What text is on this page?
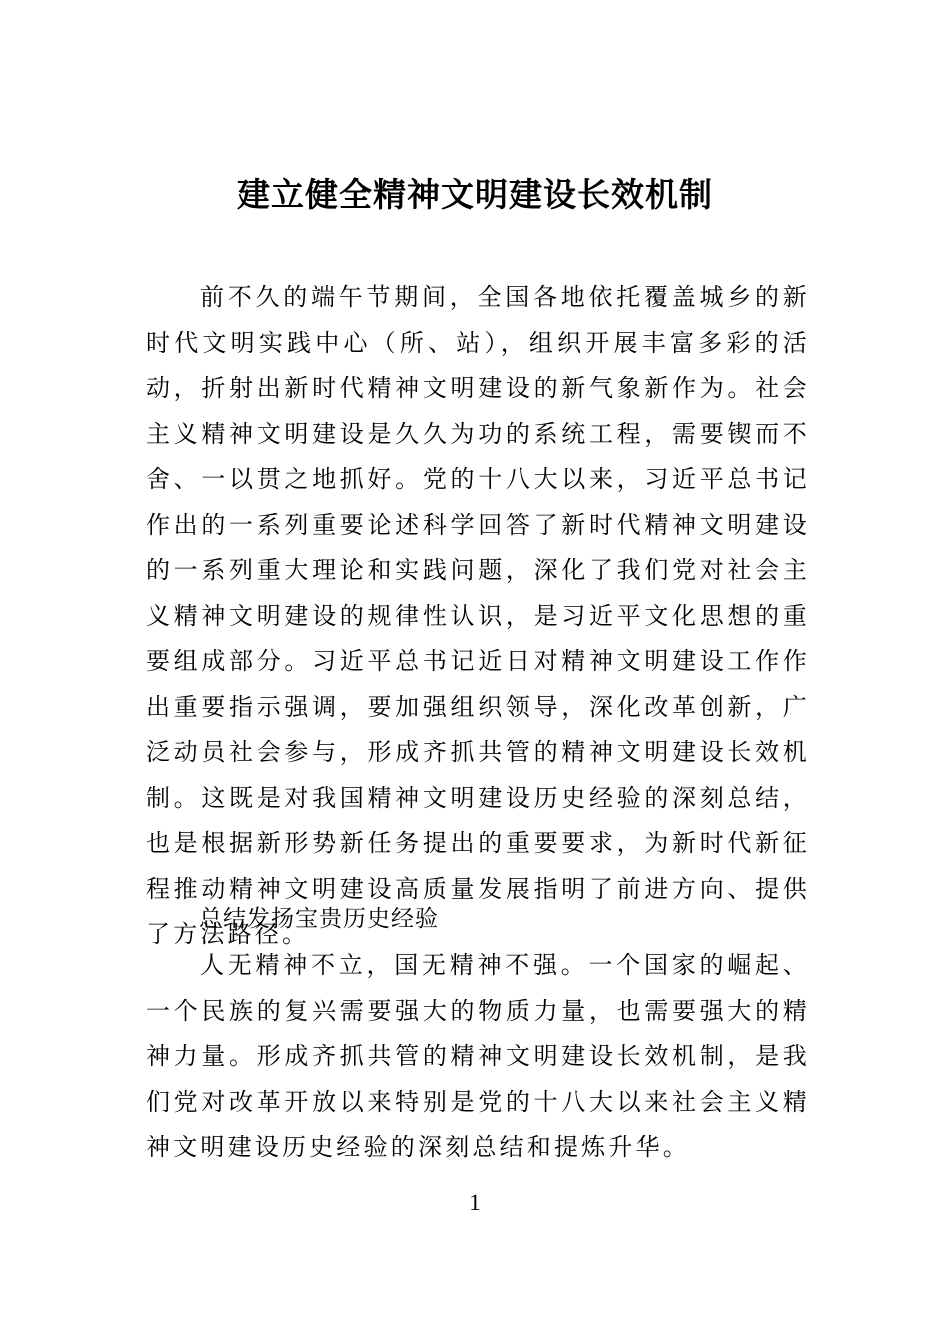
建立健全精神文明建设长效机制

前不久的端午节期间，全国各地依托覆盖城乡的新时代文明实践中心（所、站），组织开展丰富多彩的活动，折射出新时代精神文明建设的新气象新作为。社会主义精神文明建设是久久为功的系统工程，需要锲而不舍、一以贯之地抓好。党的十八大以来，习近平总书记作出的一系列重要论述科学回答了新时代精神文明建设的一系列重大理论和实践问题，深化了我们党对社会主义精神文明建设的规律性认识，是习近平文化思想的重要组成部分。习近平总书记近日对精神文明建设工作作出重要指示强调，要加强组织领导，深化改革创新，广泛动员社会参与，形成齐抓共管的精神文明建设长效机制。这既是对我国精神文明建设历史经验的深刻总结，也是根据新形势新任务提出的重要要求，为新时代新征程推动精神文明建设高质量发展指明了前进方向、提供了方法路径。

总结发扬宝贵历史经验

人无精神不立，国无精神不强。一个国家的崛起、一个民族的复兴需要强大的物质力量，也需要强大的精神力量。形成齐抓共管的精神文明建设长效机制，是我们党对改革开放以来特别是党的十八大以来社会主义精神文明建设历史经验的深刻总结和提炼升华。

1
